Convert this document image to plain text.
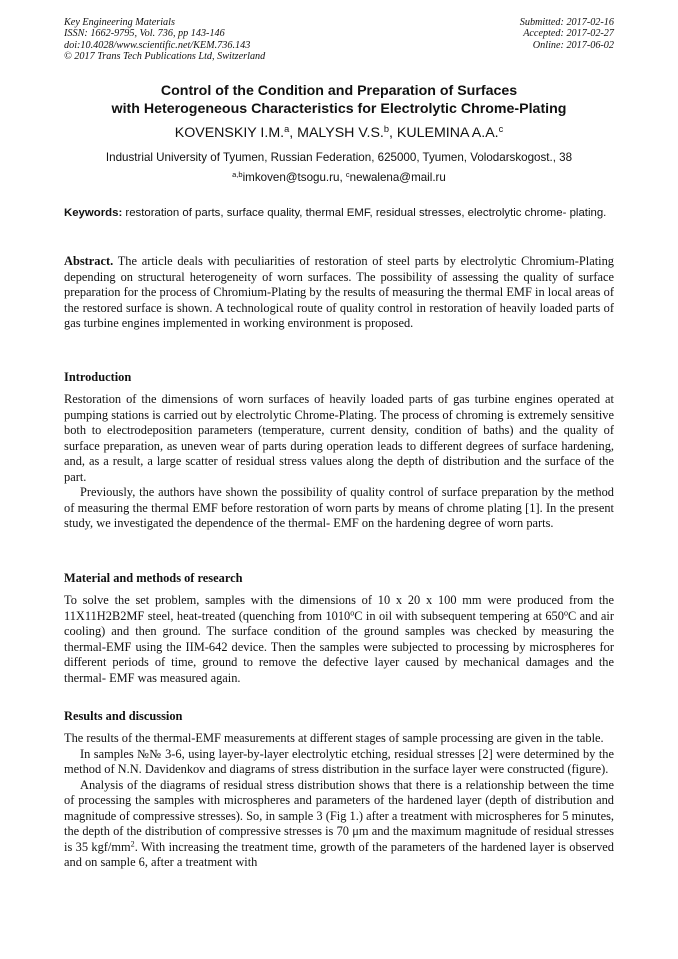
Key Engineering Materials
ISSN: 1662-9795, Vol. 736, pp 143-146
doi:10.4028/www.scientific.net/KEM.736.143
© 2017 Trans Tech Publications Ltd, Switzerland
Submitted: 2017-02-16
Accepted: 2017-02-27
Online: 2017-06-02
Control of the Condition and Preparation of Surfaces
with Heterogeneous Characteristics for Electrolytic Chrome-Plating
KOVENSKIY I.M.$^a$, MALYSH V.S.$^b$, KULEMINA A.A.$^c$
Industrial University of Tyumen, Russian Federation, 625000, Tyumen, Volodarskogost., 38
$^{a,b}$imkoven@tsogu.ru, $^c$newalena@mail.ru
Keywords: restoration of parts, surface quality, thermal EMF, residual stresses, electrolytic chrome- plating.
Abstract. The article deals with peculiarities of restoration of steel parts by electrolytic Chromium-Plating depending on structural heterogeneity of worn surfaces. The possibility of assessing the quality of surface preparation for the process of Chromium-Plating by the results of measuring the thermal EMF in local areas of the restored surface is shown. A technological route of quality control in restoration of heavily loaded parts of gas turbine engines implemented in working environment is proposed.
Introduction

Restoration of the dimensions of worn surfaces of heavily loaded parts of gas turbine engines operated at pumping stations is carried out by electrolytic Chrome-Plating. The process of chroming is extremely sensitive both to electrodeposition parameters (temperature, current density, condition of baths) and the quality of surface preparation, as uneven wear of parts during operation leads to different degrees of surface hardening, and, as a result, a large scatter of residual stress values along the depth of distribution and the surface of the part.

Previously, the authors have shown the possibility of quality control of surface preparation by the method of measuring the thermal EMF before restoration of worn parts by means of chrome plating [1]. In the present study, we investigated the dependence of the thermal- EMF on the hardening degree of worn parts.

Material and methods of research

To solve the set problem, samples with the dimensions of 10 x 20 x 100 mm were produced from the 11X11H2B2MF steel, heat-treated (quenching from 1010$^o$C in oil with subsequent tempering at 650$^o$C and air cooling) and then ground. The surface condition of the ground samples was checked by measuring the thermal-EMF using the IIM-642 device. Then the samples were subjected to processing by microspheres for different periods of time, ground to remove the defective layer caused by mechanical damages and the thermal- EMF was measured again.

Results and discussion

The results of the thermal-EMF measurements at different stages of sample processing are given in the table.

In samples №№ 3-6, using layer-by-layer electrolytic etching, residual stresses [2] were determined by the method of N.N. Davidenkov and diagrams of stress distribution in the surface layer were constructed (figure).

Analysis of the diagrams of residual stress distribution shows that there is a relationship between the time of processing the samples with microspheres and parameters of the hardened layer (depth of distribution and magnitude of compressive stresses). So, in sample 3 (Fig 1.) after a treatment with microspheres for 5 minutes, the depth of the distribution of compressive stresses is 70 μm and the maximum magnitude of residual stresses is 35 kgf/$mm^2$. With increasing the treatment time, growth of the parameters of the hardened layer is observed and on sample 6, after a treatment with
